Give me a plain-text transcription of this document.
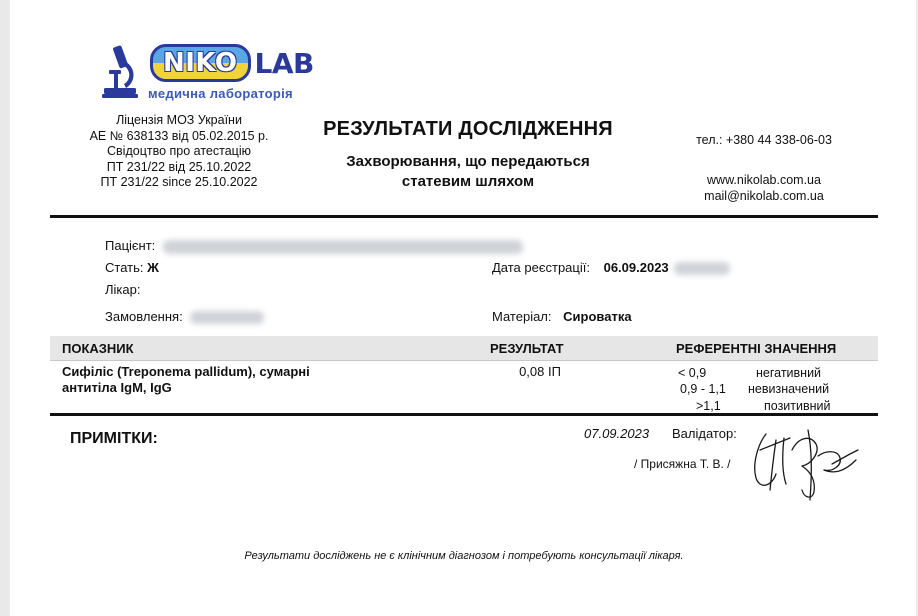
NIKO LAB
медична лабораторія
Ліцензія МОЗ України
АЕ № 638133 від 05.02.2015 р.
Свідоцтво про атестацію
ПТ 231/22 від 25.10.2022
ПТ 231/22 since 25.10.2022
РЕЗУЛЬТАТИ ДОСЛІДЖЕННЯ
Захворювання, що передаються
статевим шляхом
тел.: +380 44 338-06-03
www.nikolab.com.ua
mail@nikolab.com.ua
Пацієнт:
Стать: Ж
Лікар:
Замовлення:
Дата реєстрації: 06.09.2023
Матеріал: Сироватка
ПОКАЗНИК	РЕЗУЛЬТАТ	РЕФЕРЕНТНІ ЗНАЧЕННЯ
Сифіліс (Treponema pallidum), сумарні
антитіла IgM, IgG
0,08 ІП	< 0,9	негативний
0,9 - 1,1 невизначений
>1,1	позитивний
ПРИМІТКИ:	07.09.2023 Валідатор:
/ Присяжна Т. В. /
Результати досліджень не є клінічним діагнозом і потребують консультації лікаря.
